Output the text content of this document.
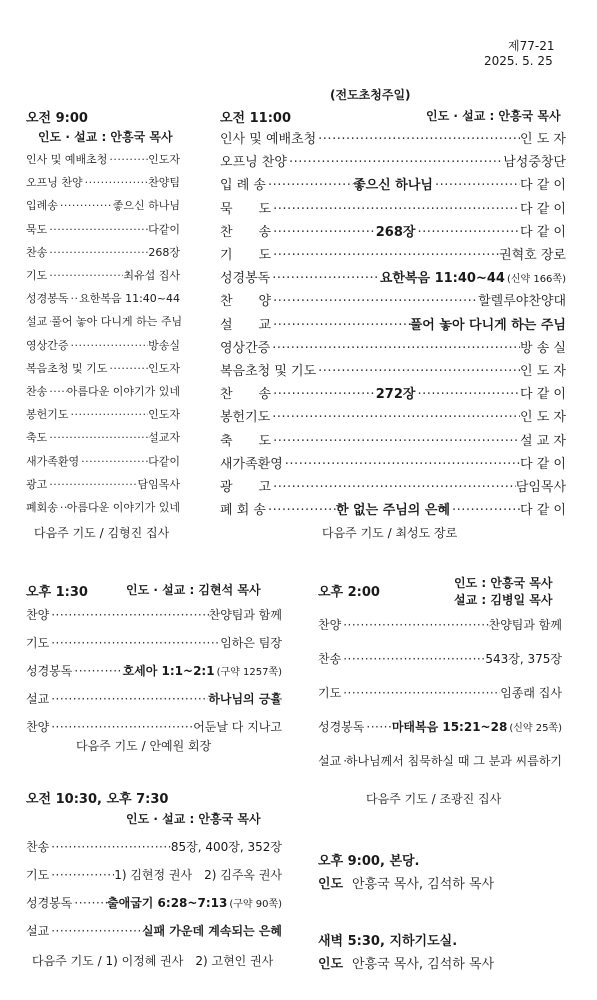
제77-21
2025. 5. 25
(전도초청주일)
오전 9:00
인도 · 설교 : 안흥국 목사
인사 및 예배초청 ·····	인도자
오프닝 찬양 ·····	찬양팀
입례송 ·····	좋으신 하나님
묵도 ·····	다같이
찬송 ·····	268장
기도 ·····	최유섭 집사
성경봉독 ····· 요한복음 11:40~44
설교 ····· 풀어 놓아 다니게 하는 주님
영상간증 ·····	방송실
복음초청 및 기도 ·····	인도자
찬송 ····· 아름다운 이야기가 있네
봉헌기도 ·····	인도자
축도 ·····	설교자
새가족환영 ·····	다같이
광고 ·····	담임목사
폐회송 ····· 아름다운 이야기가 있네
다음주 기도 / 김형진 집사
오전 11:00	인도 · 설교 : 안흥국 목사
인사 및 예배초청 ·····	인 도 자
오프닝 찬양 ·····	남성중창단
입 례 송 ·····	좋으신 하나님 ·····	다 같 이
묵　　도 ·····	다 같 이
찬　　송 ·····	268장 ·····	다 같 이
기　　도 ·····	권혁호 장로
성경봉독 ·····	요한복음 11:40~44 (신약 166쪽)
찬　　양 ·····	할렐루야찬양대
설　　교 ·····	풀어 놓아 다니게 하는 주님
영상간증 ·····	방 송 실
복음초청 및 기도 ·····	인 도 자
찬　　송 ·····	272장 ·····	다 같 이
봉헌기도 ·····	인 도 자
축　　도 ·····	설 교 자
새가족환영 ·····	다 같 이
광　　고 ·····	담임목사
폐 회 송 ·····	한 없는 주님의 은혜 ·····	다 같 이
다음주 기도 / 최성도 장로
오후 1:30	인도 · 설교 : 김현석 목사
찬양 ·····	찬양팀과 함께
기도 ·····	임하은 팀장
성경봉독 ·····	호세아 1:1~2:1 (구약 1257쪽)
설교 ·····	하나님의 긍휼
찬양 ·····	어둔날 다 지나고
다음주 기도 / 안예원 회장
오후 2:00
인도 : 안흥국 목사
설교 : 김병일 목사
찬양 ·····	찬양팀과 함께
찬송 ·····	543장, 375장
기도 ·····	임종래 집사
성경봉독 ····· 마태복음 15:21~28 (신약 25쪽)
설교 ····· 하나님께서 침묵하실 때 그 분과 씨름하기
다음주 기도 / 조광진 집사
오전 10:30, 오후 7:30
인도 · 설교 : 안흥국 목사
찬송 ·····	85장, 400장, 352장
기도 ·····	1) 김현정 권사　2) 김주옥 권사
성경봉독 ·····	출애굽기 6:28~7:13 (구약 90쪽)
설교 ·····	실패 가운데 계속되는 은혜
다음주 기도 / 1) 이정혜 권사　2) 고현인 권사
오후 9:00, 본당.
인도 안흥국 목사, 김석하 목사
새벽 5:30, 지하기도실.
인도 안흥국 목사, 김석하 목사
